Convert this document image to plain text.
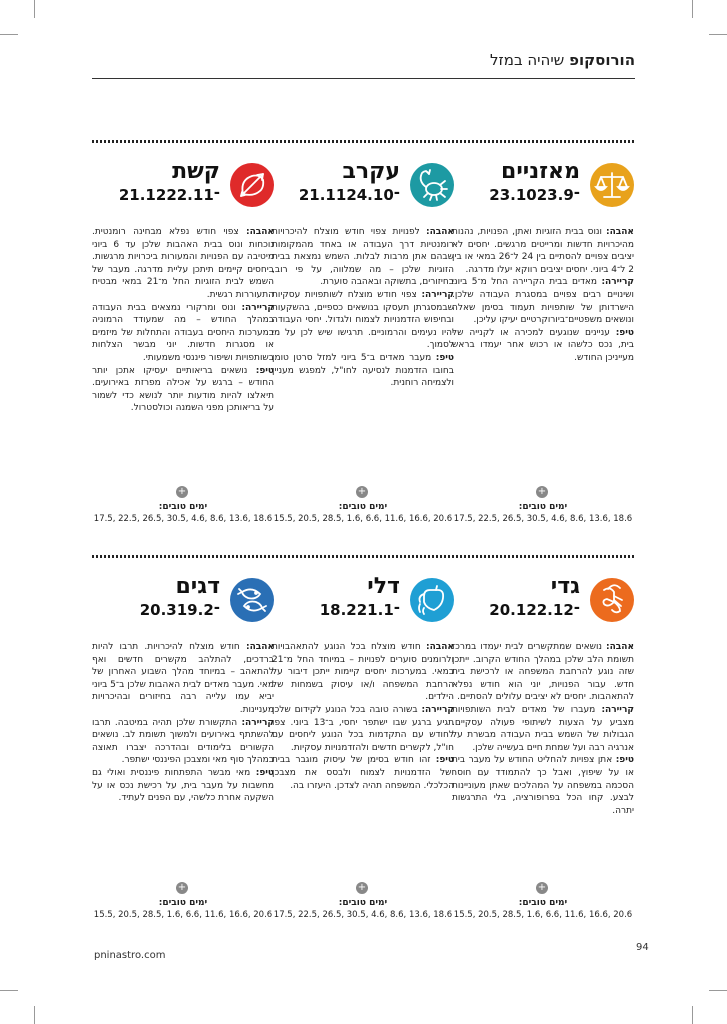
הורוסקופ שיהיה במזל
מאזניים
23.10־23.9

אהבה: ונוס בבית הזוגיות ואתן, הפנויות, נהנות מהיכרויות חדשות ומרייטים מרגשים. יחסים לא יציבים צפויים להסתיים בין 24 ל־26 במאי או בין 2 ל־4 ביוני. יחסים יציבים רווקא יעלו מדרגה.

קריירה: מאדים בבית הקריירה החל מ־5 ביוני ושינויים רבים צפויים במסגרת העבודה שלכן. הישרדותן של שותפויות תעמוד בסימן שאלה ונושאים משפטיים־ביורוקרטיים יעיקו עליכן.

טיפ: עניינים שנוגעים למכירה או לקנייה של בית, נכס כלשהו או רכוש אחר יעמדו בראש מעייניכן החודש.

+
ימים טובים:
17.5, 22.5, 26.5, 30.5, 4.6, 8.6, 13.6, 18.6
עקרב
21.11־24.10

אהבה: לפנויות צפוי חודש מוצלח להיכרויות רומנטיות דרך העבודה או באחד מהמקומות שבהם אתן מרבות לבלות. השמש נמצאת בבית הזוגיות שלכן – מה שמלווה, על פי רוב, בחיזורים, בתשוקה ובאהבה סוערת.

קריירה: צפוי חודש מוצלח לשותפויות עסקיות שבמסגרתן תעסקו בנושאים כספיים, בהשקעות ובחיפוש הזדמנויות לצמוח ולגדול. יחסי העבודה יהיו נעימים והרמוניים. תרגישו שיש לכן על מי לסמוך.

טיפ: מעבר מאדים ב־5 ביוני למזל סרטן טומן בחובו הזדמנות לנסיעה לחו"ל, למפגש מעניין ולצמיחה רוחנית.

+
ימים טובים:
15.5, 20.5, 28.5, 1.6, 6.6, 11.6, 16.6, 20.6
קשת
21.12־22.11

אהבה: צפוי חודש נפלא מבחינה רומנטית. נוכחות ונוס בבית האהבות שלכן עד 6 ביוני מיטיבה עם הפנויות והמעורות ביכרויות מרגשות. ביחסים קיימים תיתכן עליית מדרגה. מעבר של השמש לבית הזוגיות החל מ־21 במאי מבטיח התעוררות רגשית.

קריירה: ונוס ומרקורי נמצאים בבית העבודה במהלך החודש – מה שמעודד הרמוניה במערכות היחסים בעבודה והתחלות של מיזמים או מסגרות חדשות. יוני מבשר הצלחות בשותפויות ושיפור פיננסי משמעותי.

טיפ: נושאים בריאותיים יעסיקו אתכן יותר החודש – ברגש על אכילה מפרזת באירועים. תיאלצו להיות מודעות יותר לנושא כדי לשמור על בריאותכן מפני השמנה וכולסטרול.

+
ימים טובים:
17.5, 22.5, 26.5, 30.5, 4.6, 8.6, 13.6, 18.6
גדי
20.1־22.12

אהבה: נושאים שמתקשרים לבית יעמדו במרכז תשומת הלב שלכן במהלך החודש הקרוב. ייתכן שזה נוגע להרחבת המשפחה או לרכישת בית חדש. עבור הפנויות, יוני הוא חודש נפלא להתאהבות. יחסים לא יציבים עלולים להסתיים.

קריירה: מעברו של מאדים לבית השותפויות מצביע על הצעות לשיתופי פעולה עסקיים. הגבולות של השמש בבית העבודה מבשרת על אנרגיה רבה ועל שמחת חיים בעשייה שלכן.

טיפ: אתן צפויות להחליט החודש על מעבר בית או על שיפוץ, ואבל כך להתמודד עם חוסר הסכמה במשפחה על המהלכים שאתן מעוניינות לבצע. קחו הכל בפרופורציה, בלי התרגשות יתרה.

+
ימים טובים:
15.5, 20.5, 28.5, 1.6, 6.6, 11.6, 16.6, 20.6
דלי
18.2־21.1

אהבה: חודש מוצלח בכל הנוגע להתאהבויות ולרומנים סוערים לפנויות – במיוחד החל מ־21 במאי. במערכות יחסים קיימות ייתכן דיבור על הרחבת המשפחה ו/או עיסוק בשמחות של הילדים.

קריירה: בשורה טובה בכל הנוגע לקידום שלכן תגיע ברגע שבו ישתפר יחסי, ב־13 ביוני. צפו לחודש עם התקדמות בכל הנוגע ליחסים עם חו"ל, לקשרים חדשים ולהזדמנויות עסקיות.

טיפ: זהו חודש בסימן של עיסוק מוגבר בבית ושל הזדמנויות לצמוח ולבסס את מצבכן הכלכלי. המשפחה תהיה לצדכן. היעזרו בה.

+
ימים טובים:
17.5, 22.5, 26.5, 30.5, 4.6, 8.6, 13.6, 18.6
דגים
20.3־19.2

אהבה: חודש מוצלח להיכרויות. תרבו להיות ברדכים, להתלהב מקשרים חדשים ואף להתאהב – במיוחד מהלך השבוע האחרון של מאי. מעבר מאדים לבית האהבות שלכן ב־5 ביוני יביא עמו עלייה רבה בחיזורים ובהיכרויות מעניינות.

קריירה: התקשורת שלכן תהיה במיטבה. תרבו להשתתף באירועים ולמשוך תשומת לב. נושאים הקשורים בלימודים ובהדרכה יצברו תאוצה במהלך סוף מאי ומצבכן הפיננסי ישתפר.

טיפ: מאי מבשר התפתחות פיננסית ואולי גם מחשבות על מעבר בית, על רכישת נכס או על השקעה אחרת כלשהי, עם הפנים לעתיד.

+
ימים טובים:
15.5, 20.5, 28.5, 1.6, 6.6, 11.6, 16.6, 20.6
pninastro.com
94
